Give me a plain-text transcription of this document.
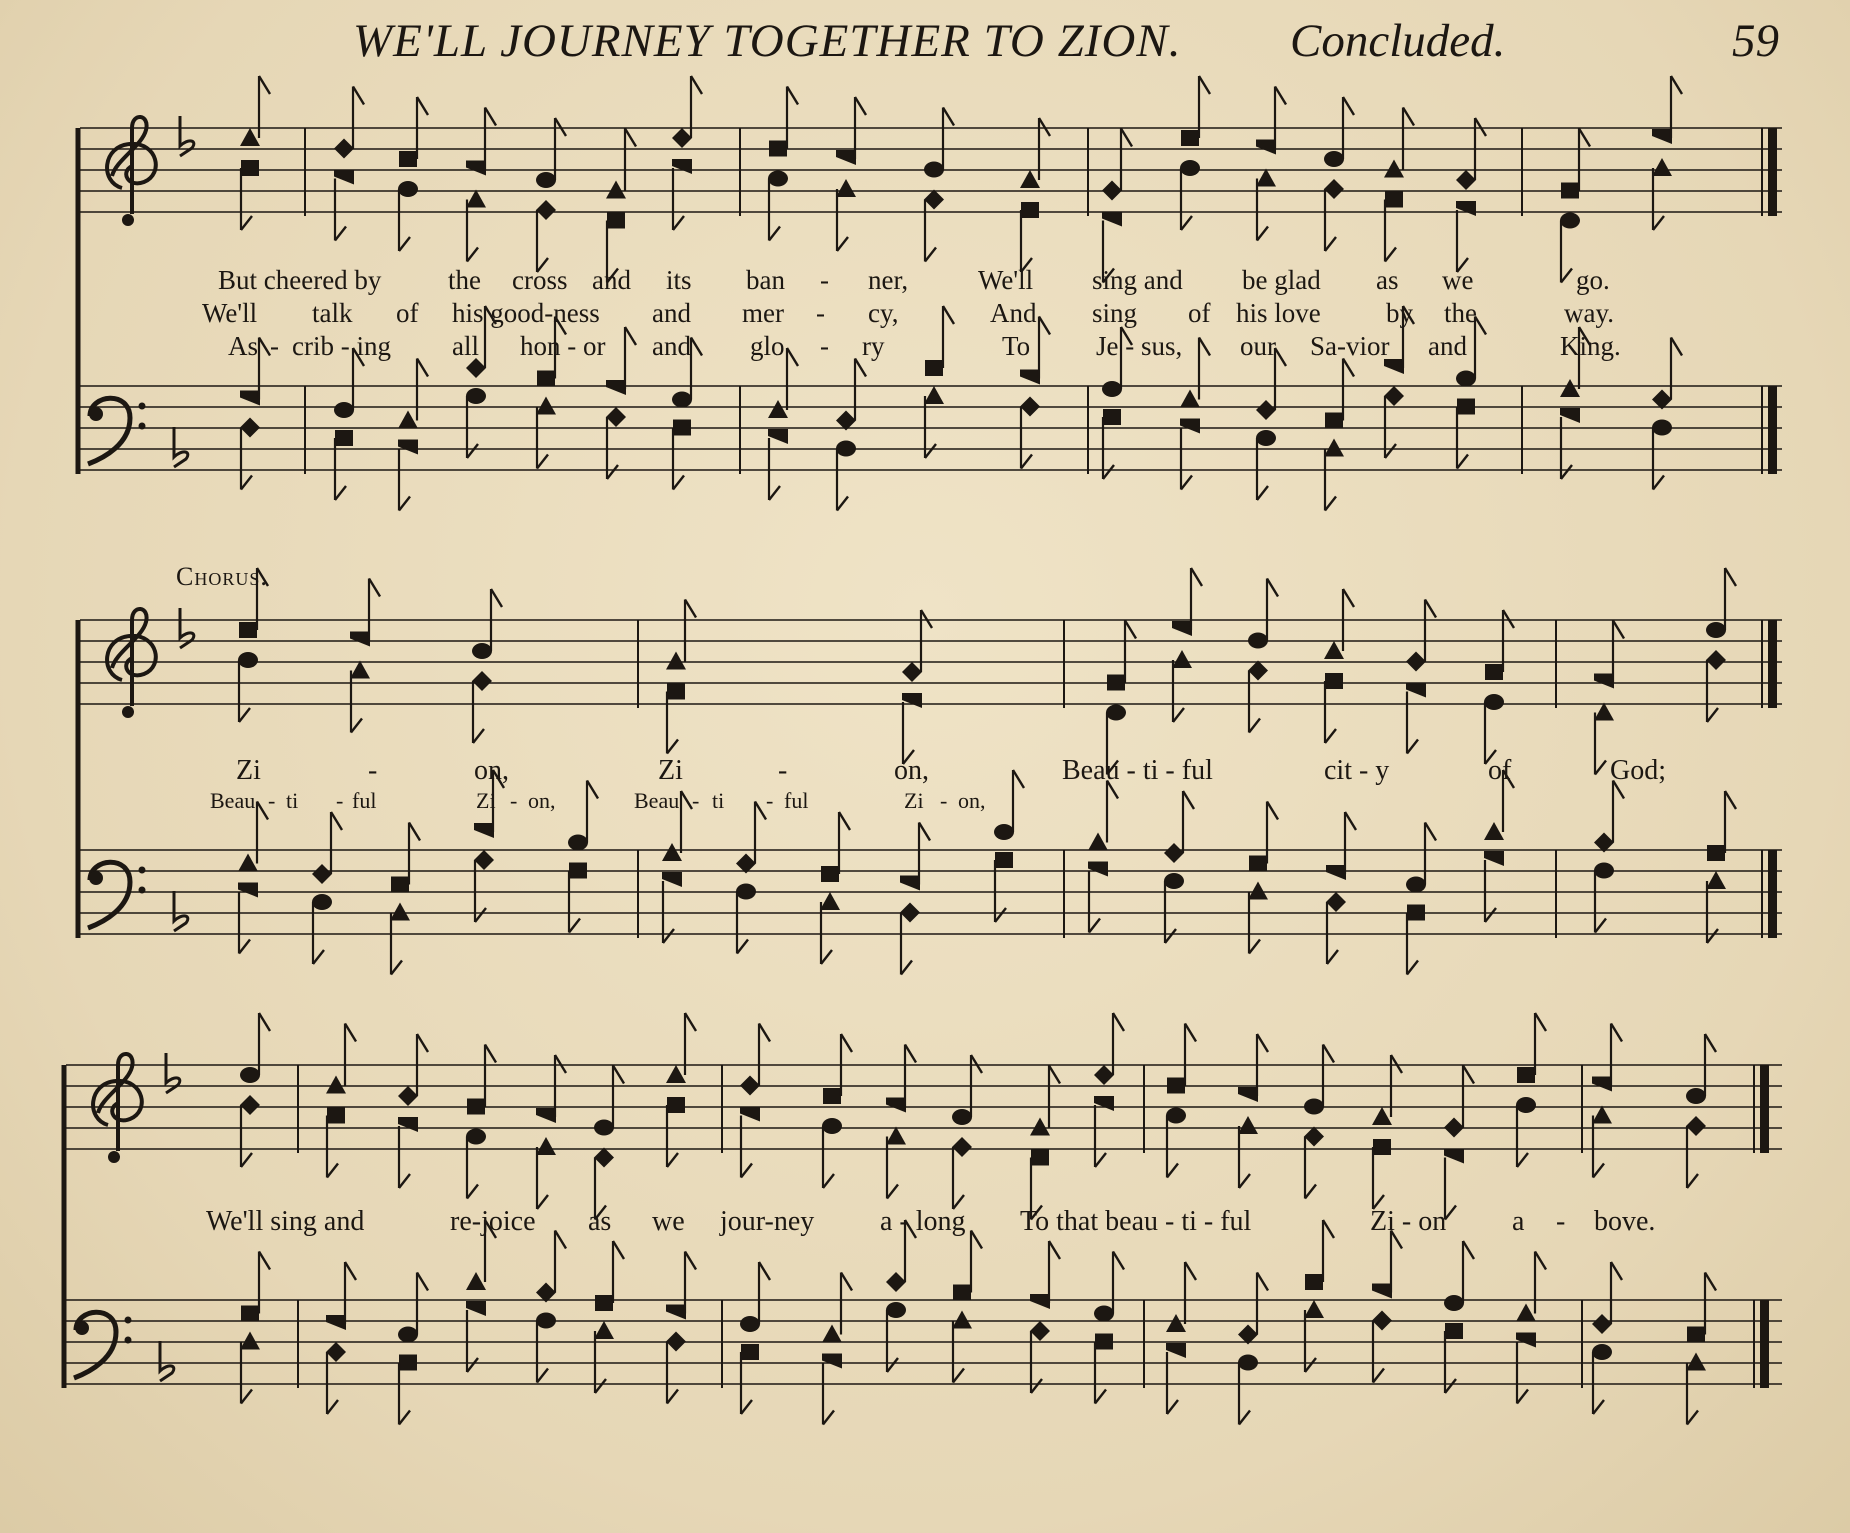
WE'LL JOURNEY TOGETHER TO ZION. Concluded.	59
Chorus.
But cheered by the cross and its ban - ner,	We'll sing and be glad as we	go.
We'll talk of his good-ness and mer - cy,	And sing of his love by the	way.
As - crib - ing all hon - or and glo - ry	To Je - sus, our Sa-vior and	King.
Zi	-	on,	Zi	-	on,	Beau - ti - ful	cit - y	of	God;
Beau - ti - ful	Zi - on,	Beau - ti - ful	Zi - on,
We'll sing and	re-joice as we jour-ney a - long To that beau - ti - ful	Zi - on a - bove.
